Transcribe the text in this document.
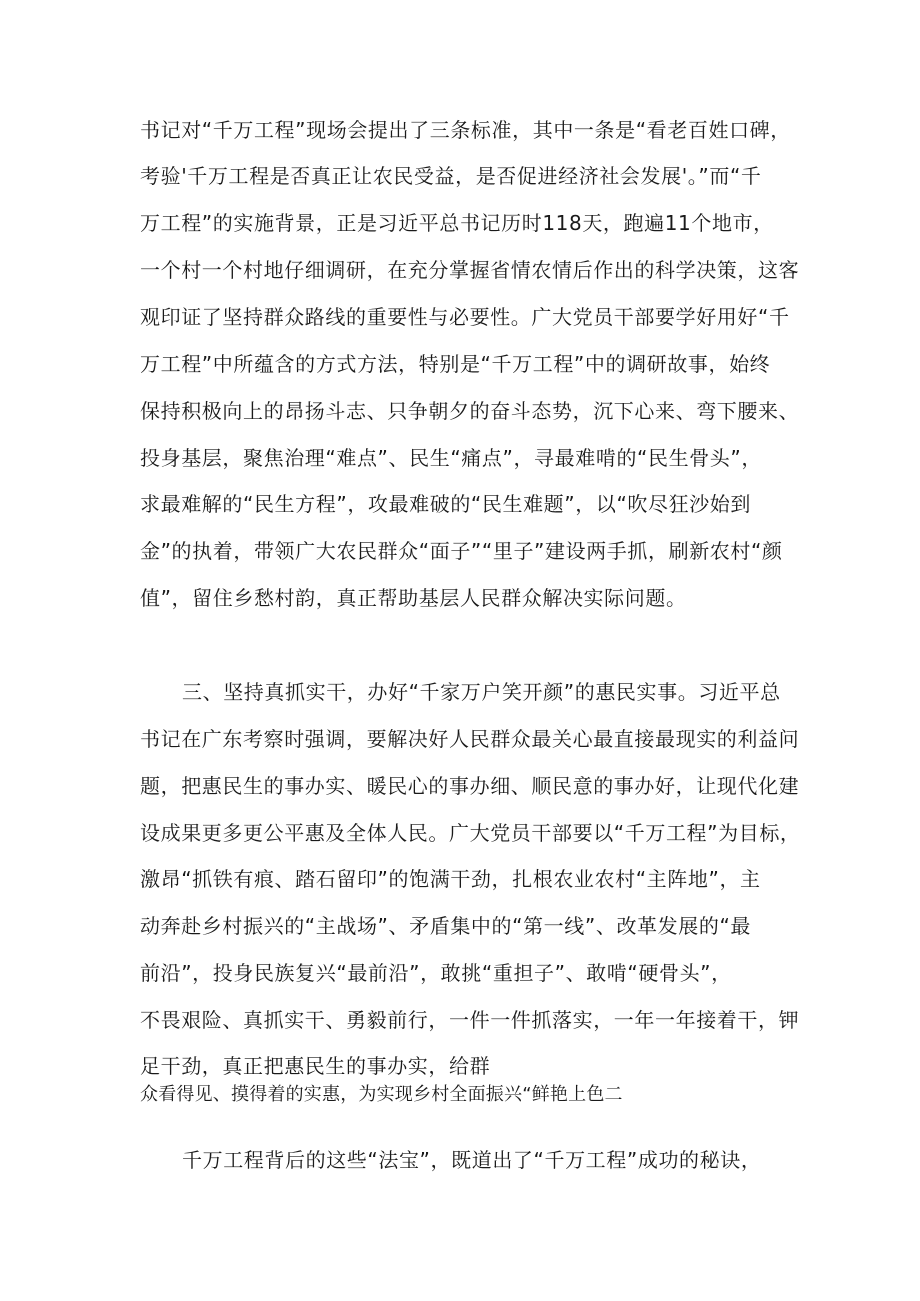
书记对“千万工程”现场会提出了三条标准，其中一条是“看老百姓口碑，
考验'千万工程是否真正让农民受益，是否促进经济社会发展'。”而“千
万工程”的实施背景，正是习近平总书记历时118天，跑遍11个地市，
一个村一个村地仔细调研，在充分掌握省情农情后作出的科学决策，这客
观印证了坚持群众路线的重要性与必要性。广大党员干部要学好用好“千
万工程”中所蕴含的方式方法，特别是“千万工程”中的调研故事，始终
保持积极向上的昂扬斗志、只争朝夕的奋斗态势，沉下心来、弯下腰来、
投身基层，聚焦治理“难点”、民生“痛点”，寻最难啃的“民生骨头”，
求最难解的“民生方程”，攻最难破的“民生难题”，以“吹尽狂沙始到
金”的执着，带领广大农民群众“面子”“里子”建设两手抓，刷新农村“颜
值”，留住乡愁村韵，真正帮助基层人民群众解决实际问题。
三、坚持真抓实干，办好“千家万户笑开颜”的惠民实事。习近平总
书记在广东考察时强调，要解决好人民群众最关心最直接最现实的利益问
题，把惠民生的事办实、暖民心的事办细、顺民意的事办好，让现代化建
设成果更多更公平惠及全体人民。广大党员干部要以“千万工程”为目标，
激昂“抓铁有痕、踏石留印”的饱满干劲，扎根农业农村“主阵地”，主
动奔赴乡村振兴的“主战场”、矛盾集中的“第一线”、改革发展的“最
前沿”，投身民族复兴“最前沿”，敢挑“重担子”、敢啃“硬骨头”，
不畏艰险、真抓实干、勇毅前行，一件一件抓落实，一年一年接着干，钾
足干劲，真正把惠民生的事办实，给群
众看得见、摸得着的实惠，为实现乡村全面振兴“鲜艳上色二
千万工程背后的这些“法宝”，既道出了“千万工程”成功的秘诀，
